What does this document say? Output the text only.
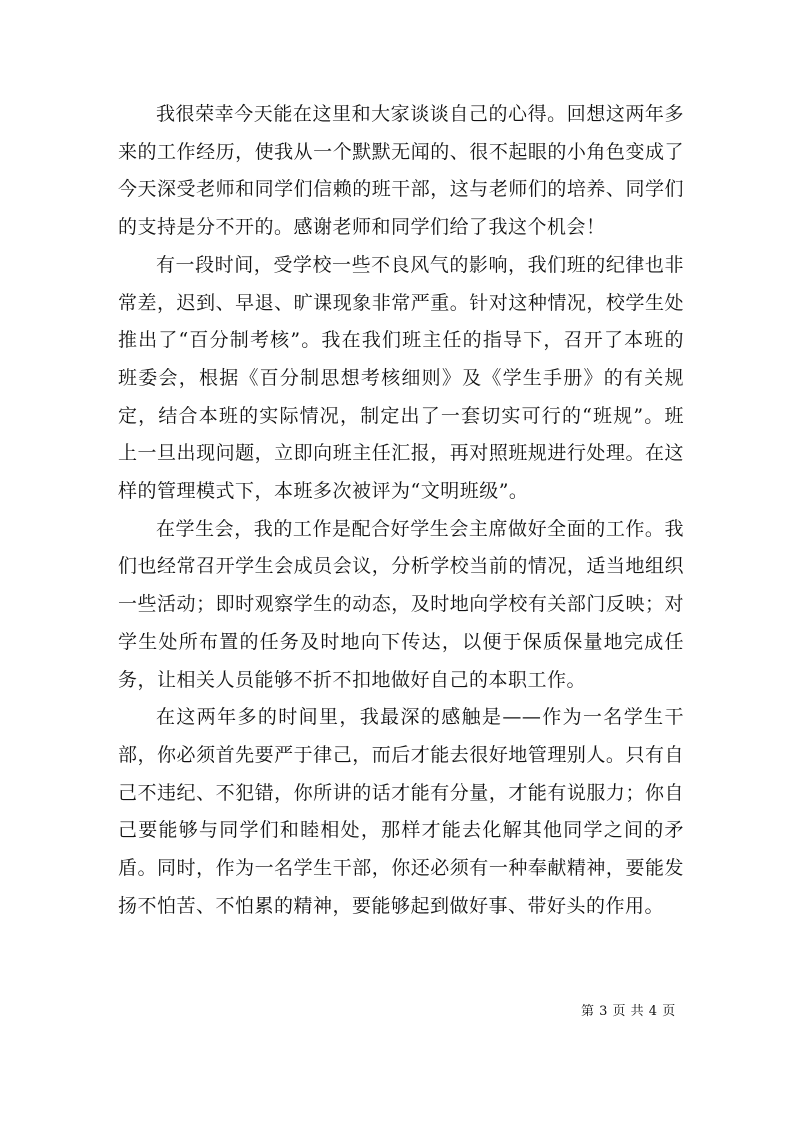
我很荣幸今天能在这里和大家谈谈自己的心得。回想这两年多来的工作经历，使我从一个默默无闻的、很不起眼的小角色变成了今天深受老师和同学们信赖的班干部，这与老师们的培养、同学们的支持是分不开的。感谢老师和同学们给了我这个机会！

有一段时间，受学校一些不良风气的影响，我们班的纪律也非常差，迟到、早退、旷课现象非常严重。针对这种情况，校学生处推出了“百分制考核”。我在我们班主任的指导下，召开了本班的班委会，根据《百分制思想考核细则》及《学生手册》的有关规定，结合本班的实际情况，制定出了一套切实可行的“班规”。班上一旦出现问题，立即向班主任汇报，再对照班规进行处理。在这样的管理模式下，本班多次被评为“文明班级”。

在学生会，我的工作是配合好学生会主席做好全面的工作。我们也经常召开学生会成员会议，分析学校当前的情况，适当地组织一些活动；即时观察学生的动态，及时地向学校有关部门反映；对学生处所布置的任务及时地向下传达，以便于保质保量地完成任务，让相关人员能够不折不扣地做好自己的本职工作。

在这两年多的时间里，我最深的感触是——作为一名学生干部，你必须首先要严于律己，而后才能去很好地管理别人。只有自己不违纪、不犯错，你所讲的话才能有分量，才能有说服力；你自己要能够与同学们和睦相处，那样才能去化解其他同学之间的矛盾。同时，作为一名学生干部，你还必须有一种奉献精神，要能发扬不怕苦、不怕累的精神，要能够起到做好事、带好头的作用。

第 3 页 共 4 页
